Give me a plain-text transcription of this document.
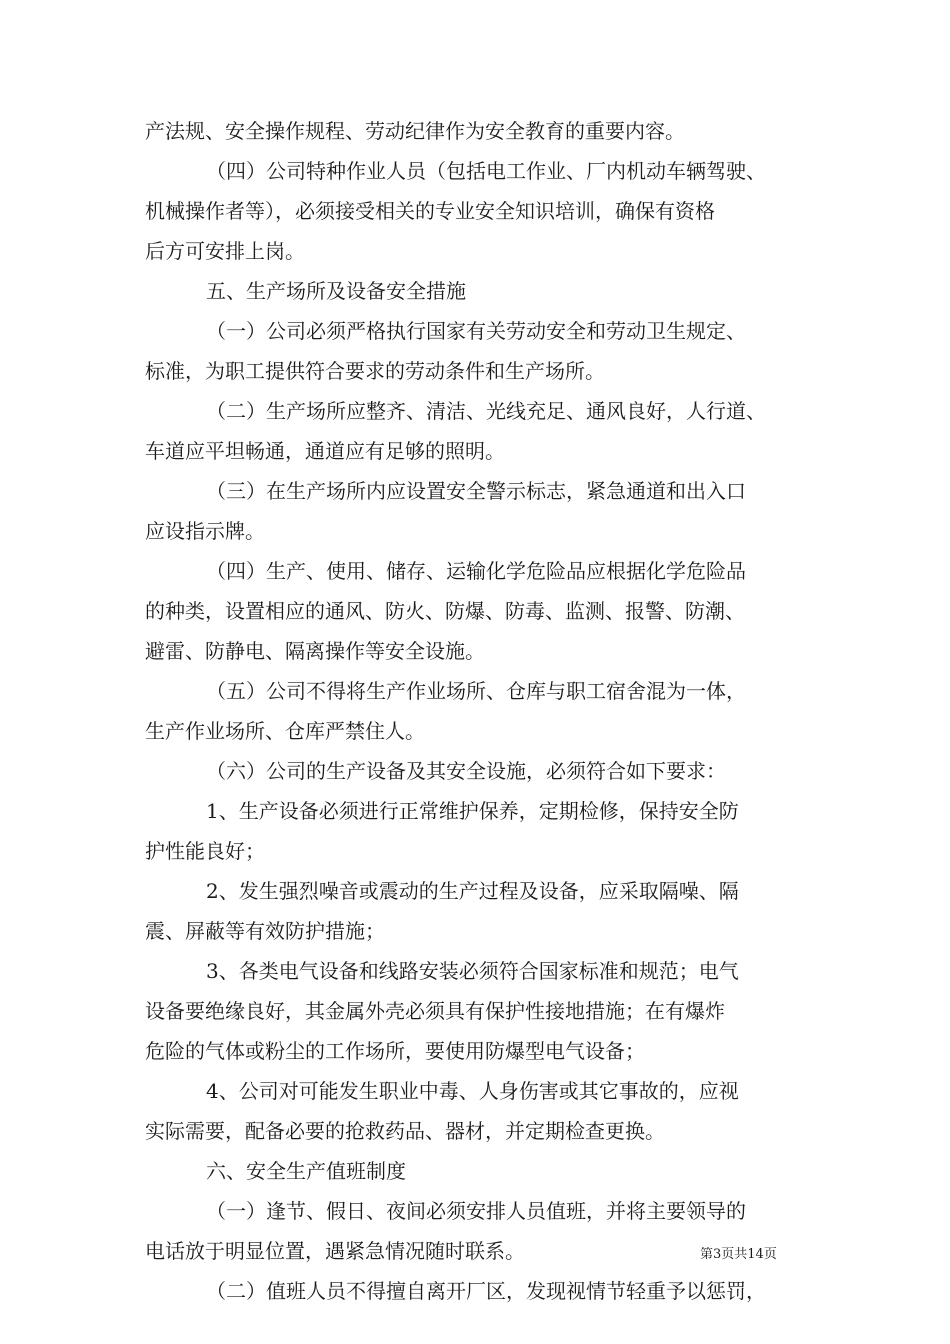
产法规、安全操作规程、劳动纪律作为安全教育的重要内容。
（四）公司特种作业人员（包括电工作业、厂内机动车辆驾驶、
机械操作者等），必须接受相关的专业安全知识培训，确保有资格
后方可安排上岗。
五、生产场所及设备安全措施
（一）公司必须严格执行国家有关劳动安全和劳动卫生规定、
标准，为职工提供符合要求的劳动条件和生产场所。
（二）生产场所应整齐、清洁、光线充足、通风良好，人行道、
车道应平坦畅通，通道应有足够的照明。
（三）在生产场所内应设置安全警示标志，紧急通道和出入口
应设指示牌。
（四）生产、使用、储存、运输化学危险品应根据化学危险品
的种类，设置相应的通风、防火、防爆、防毒、监测、报警、防潮、
避雷、防静电、隔离操作等安全设施。
（五）公司不得将生产作业场所、仓库与职工宿舍混为一体，
生产作业场所、仓库严禁住人。
（六）公司的生产设备及其安全设施，必须符合如下要求：
1、生产设备必须进行正常维护保养，定期检修，保持安全防
护性能良好；
2、发生强烈噪音或震动的生产过程及设备，应采取隔噪、隔
震、屏蔽等有效防护措施；
3、各类电气设备和线路安装必须符合国家标准和规范；电气
设备要绝缘良好，其金属外壳必须具有保护性接地措施；在有爆炸
危险的气体或粉尘的工作场所，要使用防爆型电气设备；
4、公司对可能发生职业中毒、人身伤害或其它事故的，应视
实际需要，配备必要的抢救药品、器材，并定期检查更换。
六、安全生产值班制度
（一）逢节、假日、夜间必须安排人员值班，并将主要领导的
电话放于明显位置，遇紧急情况随时联系。
（二）值班人员不得擅自离开厂区，发现视情节轻重予以惩罚，
第3页共14页
